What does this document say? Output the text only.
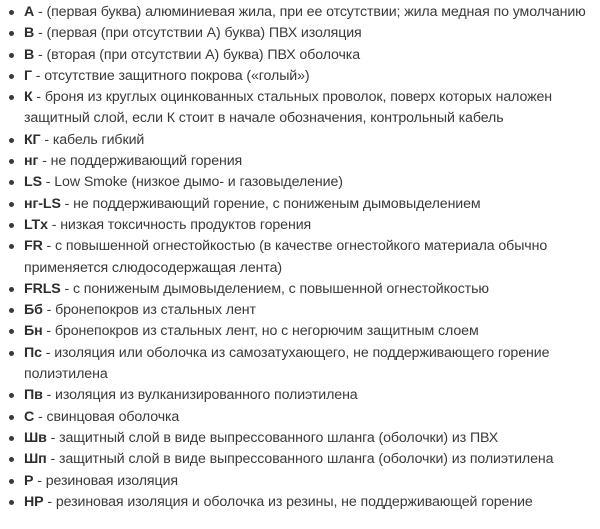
А - (первая буква) алюминиевая жила, при ее отсутствии; жила медная по умолчанию
В - (первая (при отсутствии А) буква) ПВХ изоляция
В - (вторая (при отсутствии А) буква) ПВХ оболочка
Г - отсутствие защитного покрова («голый»)
К - броня из круглых оцинкованных стальных проволок, поверх которых наложен защитный слой, если К стоит в начале обозначения, контрольный кабель
КГ - кабель гибкий
нг - не поддерживающий горения
LS - Low Smoke (низкое дымо- и газовыделение)
нг-LS - не поддерживающий горение, с пониженым дымовыделением
LTx - низкая токсичность продуктов горения
FR - с повышенной огнестойкостью (в качестве огнестойкого материала обычно применяется слюдосодержащая лента)
FRLS - с пониженым дымовыделением, с повышенной огнестойкостью
Бб - бронепокров из стальных лент
Бн - бронепокров из стальных лент, но с негорючим защитным слоем
Пс - изоляция или оболочка из самозатухающего, не поддерживающего горение полиэтилена
Пв - изоляция из вулканизированного полиэтилена
С - свинцовая оболочка
Шв - защитный слой в виде выпрессованного шланга (оболочки) из ПВХ
Шп - защитный слой в виде выпрессованного шланга (оболочки) из полиэтилена
Р - резиновая изоляция
НР - резиновая изоляция и оболочка из резины, не поддерживающей горение
